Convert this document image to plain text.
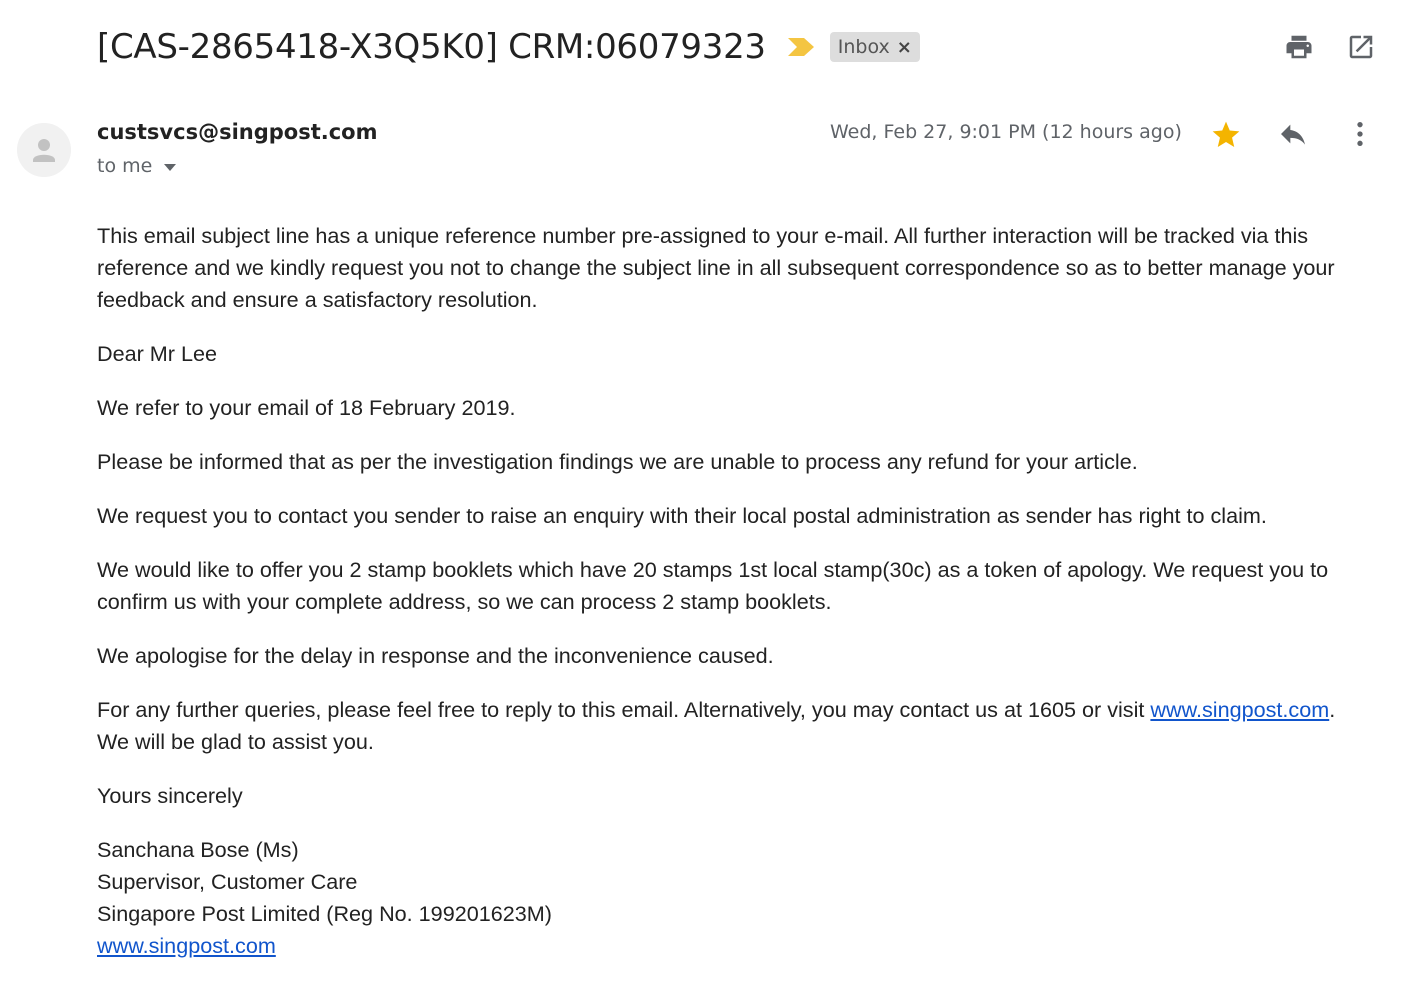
[CAS-2865418-X3Q5K0] CRM:06079323	Inbox ×
custsvcs@singpost.com
to me
Wed, Feb 27, 9:01 PM (12 hours ago)

This email subject line has a unique reference number pre-assigned to your e-mail. All further interaction will be tracked via this reference and we kindly request you not to change the subject line in all subsequent correspondence so as to better manage your feedback and ensure a satisfactory resolution.

Dear Mr Lee

We refer to your email of 18 February 2019.

Please be informed that as per the investigation findings we are unable to process any refund for your article.

We request you to contact you sender to raise an enquiry with their local postal administration as sender has right to claim.

We would like to offer you 2 stamp booklets which have 20 stamps 1st local stamp(30c) as a token of apology. We request you to confirm us with your complete address, so we can process 2 stamp booklets.

We apologise for the delay in response and the inconvenience caused.

For any further queries, please feel free to reply to this email. Alternatively, you may contact us at 1605 or visit www.singpost.com. We will be glad to assist you.

Yours sincerely

Sanchana Bose (Ms)
Supervisor, Customer Care
Singapore Post Limited (Reg No. 199201623M)
www.singpost.com
